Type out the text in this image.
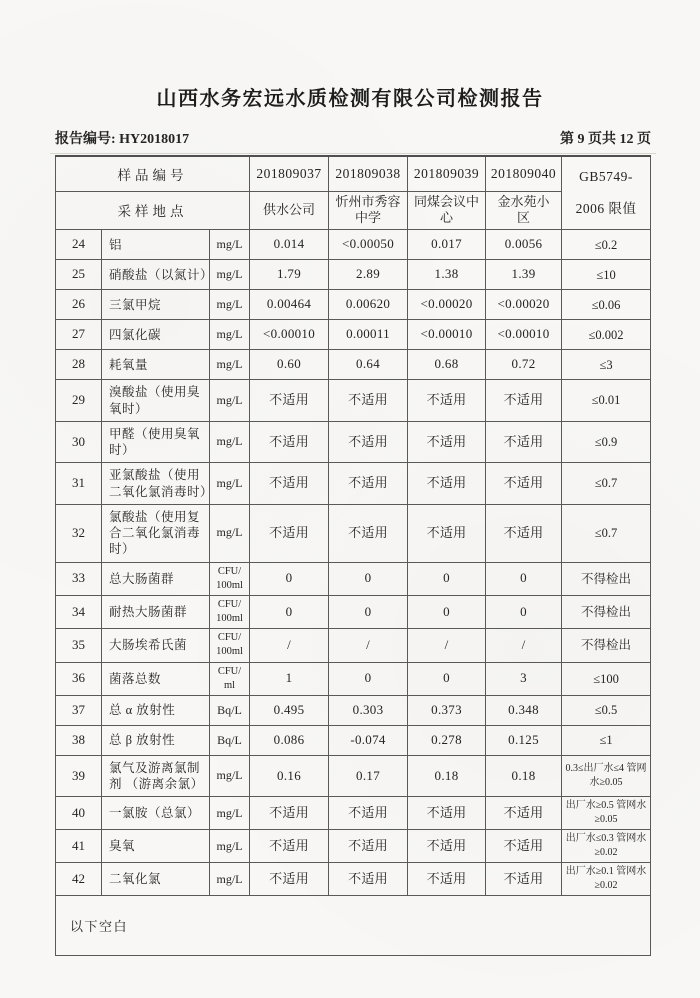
山西水务宏远水质检测有限公司检测报告
报告编号: HY2018017	第 9 页共 12 页
样品编号			201809037	201809038	201809039	201809040	GB5749-
2006 限值

采样地点			供水公司	忻州市秀容中学	同煤会议中心	金水苑小区	
24	铝	mg/L	0.014	<0.00050	0.017	0.0056	≤0.2
25	硝酸盐（以氮计）	mg/L	1.79	2.89	1.38	1.39	≤10
26	三氯甲烷	mg/L	0.00464	0.00620	<0.00020	<0.00020	≤0.06
27	四氯化碳	mg/L	<0.00010	0.00011	<0.00010	<0.00010	≤0.002
28	耗氧量	mg/L	0.60	0.64	0.68	0.72	≤3
29	溴酸盐（使用臭氧时）	mg/L	不适用	不适用	不适用	不适用	≤0.01
30	甲醛（使用臭氧时）	mg/L	不适用	不适用	不适用	不适用	≤0.9
31	亚氯酸盐（使用二氧化氯消毒时）	mg/L	不适用	不适用	不适用	不适用	≤0.7
32	氯酸盐（使用复合二氧化氯消毒时）	mg/L	不适用	不适用	不适用	不适用	≤0.7
33	总大肠菌群	CFU/ 100ml	0	0	0	0	不得检出
34	耐热大肠菌群	CFU/ 100ml	0	0	0	0	不得检出
35	大肠埃希氏菌	CFU/ 100ml	/	/	/	/	不得检出
36	菌落总数	CFU/ ml	1	0	0	3	≤100
37	总 α 放射性	Bq/L	0.495	0.303	0.373	0.348	≤0.5
38	总 β 放射性	Bq/L	0.086	-0.074	0.278	0.125	≤1
39	氯气及游离氯制剂 （游离余氯）	mg/L	0.16	0.17	0.18	0.18	0.3≤出厂水≤4 管网水≥0.05
40	一氯胺（总氯）	mg/L	不适用	不适用	不适用	不适用	出厂水≥0.5 管网水≥0.05
41	臭氧	mg/L	不适用	不适用	不适用	不适用	出厂水≤0.3 管网水≥0.02
42	二氧化氯	mg/L	不适用	不适用	不适用	不适用	出厂水≥0.1 管网水≥0.02
以下空白							
